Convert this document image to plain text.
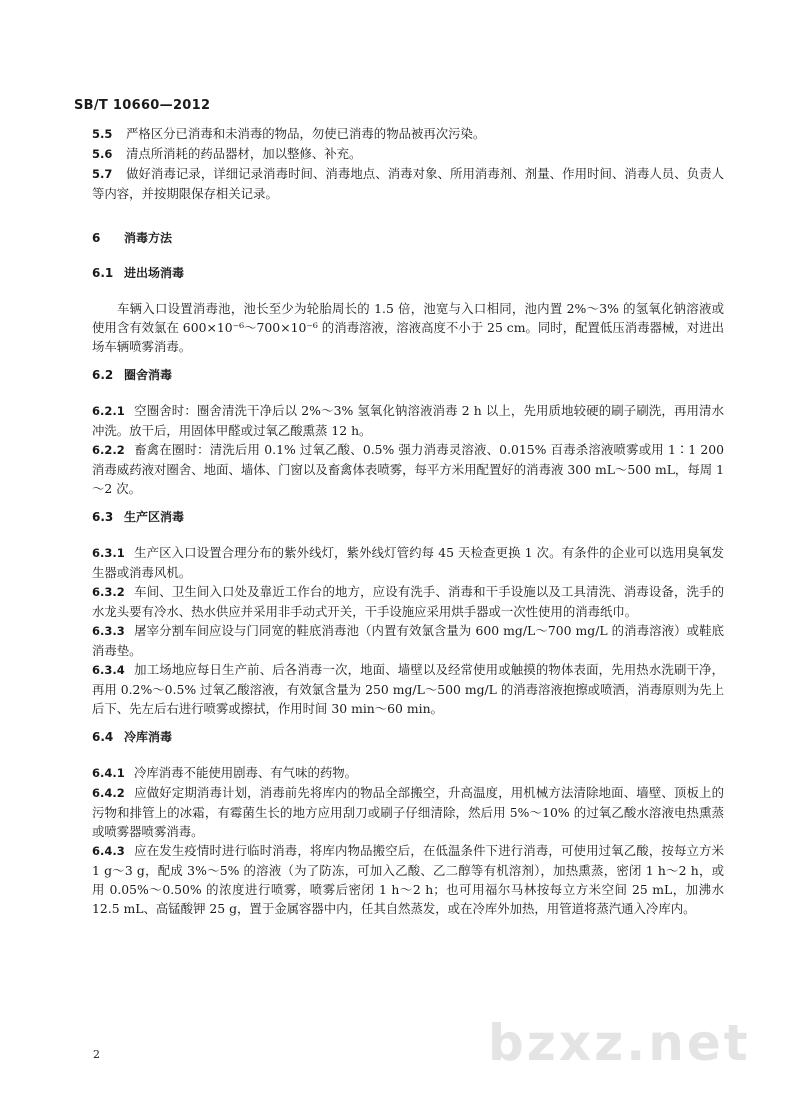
SB/T 10660—2012

5.5 严格区分已消毒和未消毒的物品，勿使已消毒的物品被再次污染。

5.6 清点所消耗的药品器材，加以整修、补充。

5.7 做好消毒记录，详细记录消毒时间、消毒地点、消毒对象、所用消毒剂、剂量、作用时间、消毒人员、负责人等内容，并按期限保存相关记录。

6 消毒方法

6.1 进出场消毒

车辆入口设置消毒池，池长至少为轮胎周长的 1.5 倍，池宽与入口相同，池内置 2%～3% 的氢氧化钠溶液或使用含有效氯在 600×10⁻⁶～700×10⁻⁶ 的消毒溶液，溶液高度不小于 25 cm。同时，配置低压消毒器械，对进出场车辆喷雾消毒。

6.2 圈舍消毒

6.2.1 空圈舍时：圈舍清洗干净后以 2%～3% 氢氧化钠溶液消毒 2 h 以上，先用质地较硬的刷子刷洗，再用清水冲洗。放干后，用固体甲醛或过氧乙酸熏蒸 12 h。

6.2.2 畜禽在圈时：清洗后用 0.1% 过氧乙酸、0.5% 强力消毒灵溶液、0.015% 百毒杀溶液喷雾或用 1∶1 200 消毒威药液对圈舍、地面、墙体、门窗以及畜禽体表喷雾，每平方米用配置好的消毒液 300 mL～500 mL，每周 1～2 次。

6.3 生产区消毒

6.3.1 生产区入口设置合理分布的紫外线灯，紫外线灯管约每 45 天检查更换 1 次。有条件的企业可以选用臭氧发生器或消毒风机。

6.3.2 车间、卫生间入口处及靠近工作台的地方，应设有洗手、消毒和干手设施以及工具清洗、消毒设备，洗手的水龙头要有冷水、热水供应并采用非手动式开关，干手设施应采用烘手器或一次性使用的消毒纸巾。

6.3.3 屠宰分割车间应设与门同宽的鞋底消毒池（内置有效氯含量为 600 mg/L～700 mg/L 的消毒溶液）或鞋底消毒垫。

6.3.4 加工场地应每日生产前、后各消毒一次，地面、墙壁以及经常使用或触摸的物体表面，先用热水洗刷干净，再用 0.2%～0.5% 过氧乙酸溶液，有效氯含量为 250 mg/L～500 mg/L 的消毒溶液抱擦或喷洒，消毒原则为先上后下、先左后右进行喷雾或擦拭，作用时间 30 min～60 min。

6.4 冷库消毒

6.4.1 冷库消毒不能使用剧毒、有气味的药物。

6.4.2 应做好定期消毒计划，消毒前先将库内的物品全部搬空，升高温度，用机械方法清除地面、墙壁、顶板上的污物和排管上的冰霜，有霉菌生长的地方应用刮刀或刷子仔细清除，然后用 5%～10% 的过氧乙酸水溶液电热熏蒸或喷雾器喷雾消毒。

6.4.3 应在发生疫情时进行临时消毒，将库内物品搬空后，在低温条件下进行消毒，可使用过氧乙酸，按每立方米 1 g～3 g，配成 3%～5% 的溶液（为了防冻，可加入乙酸、乙二醇等有机溶剂），加热熏蒸，密闭 1 h～2 h，或用 0.05%～0.50% 的浓度进行喷雾，喷雾后密闭 1 h～2 h；也可用福尔马林按每立方米空间 25 mL，加沸水 12.5 mL、高锰酸钾 25 g，置于金属容器中内，任其自然蒸发，或在冷库外加热，用管道将蒸汽通入冷库内。

bzxz.net
2
